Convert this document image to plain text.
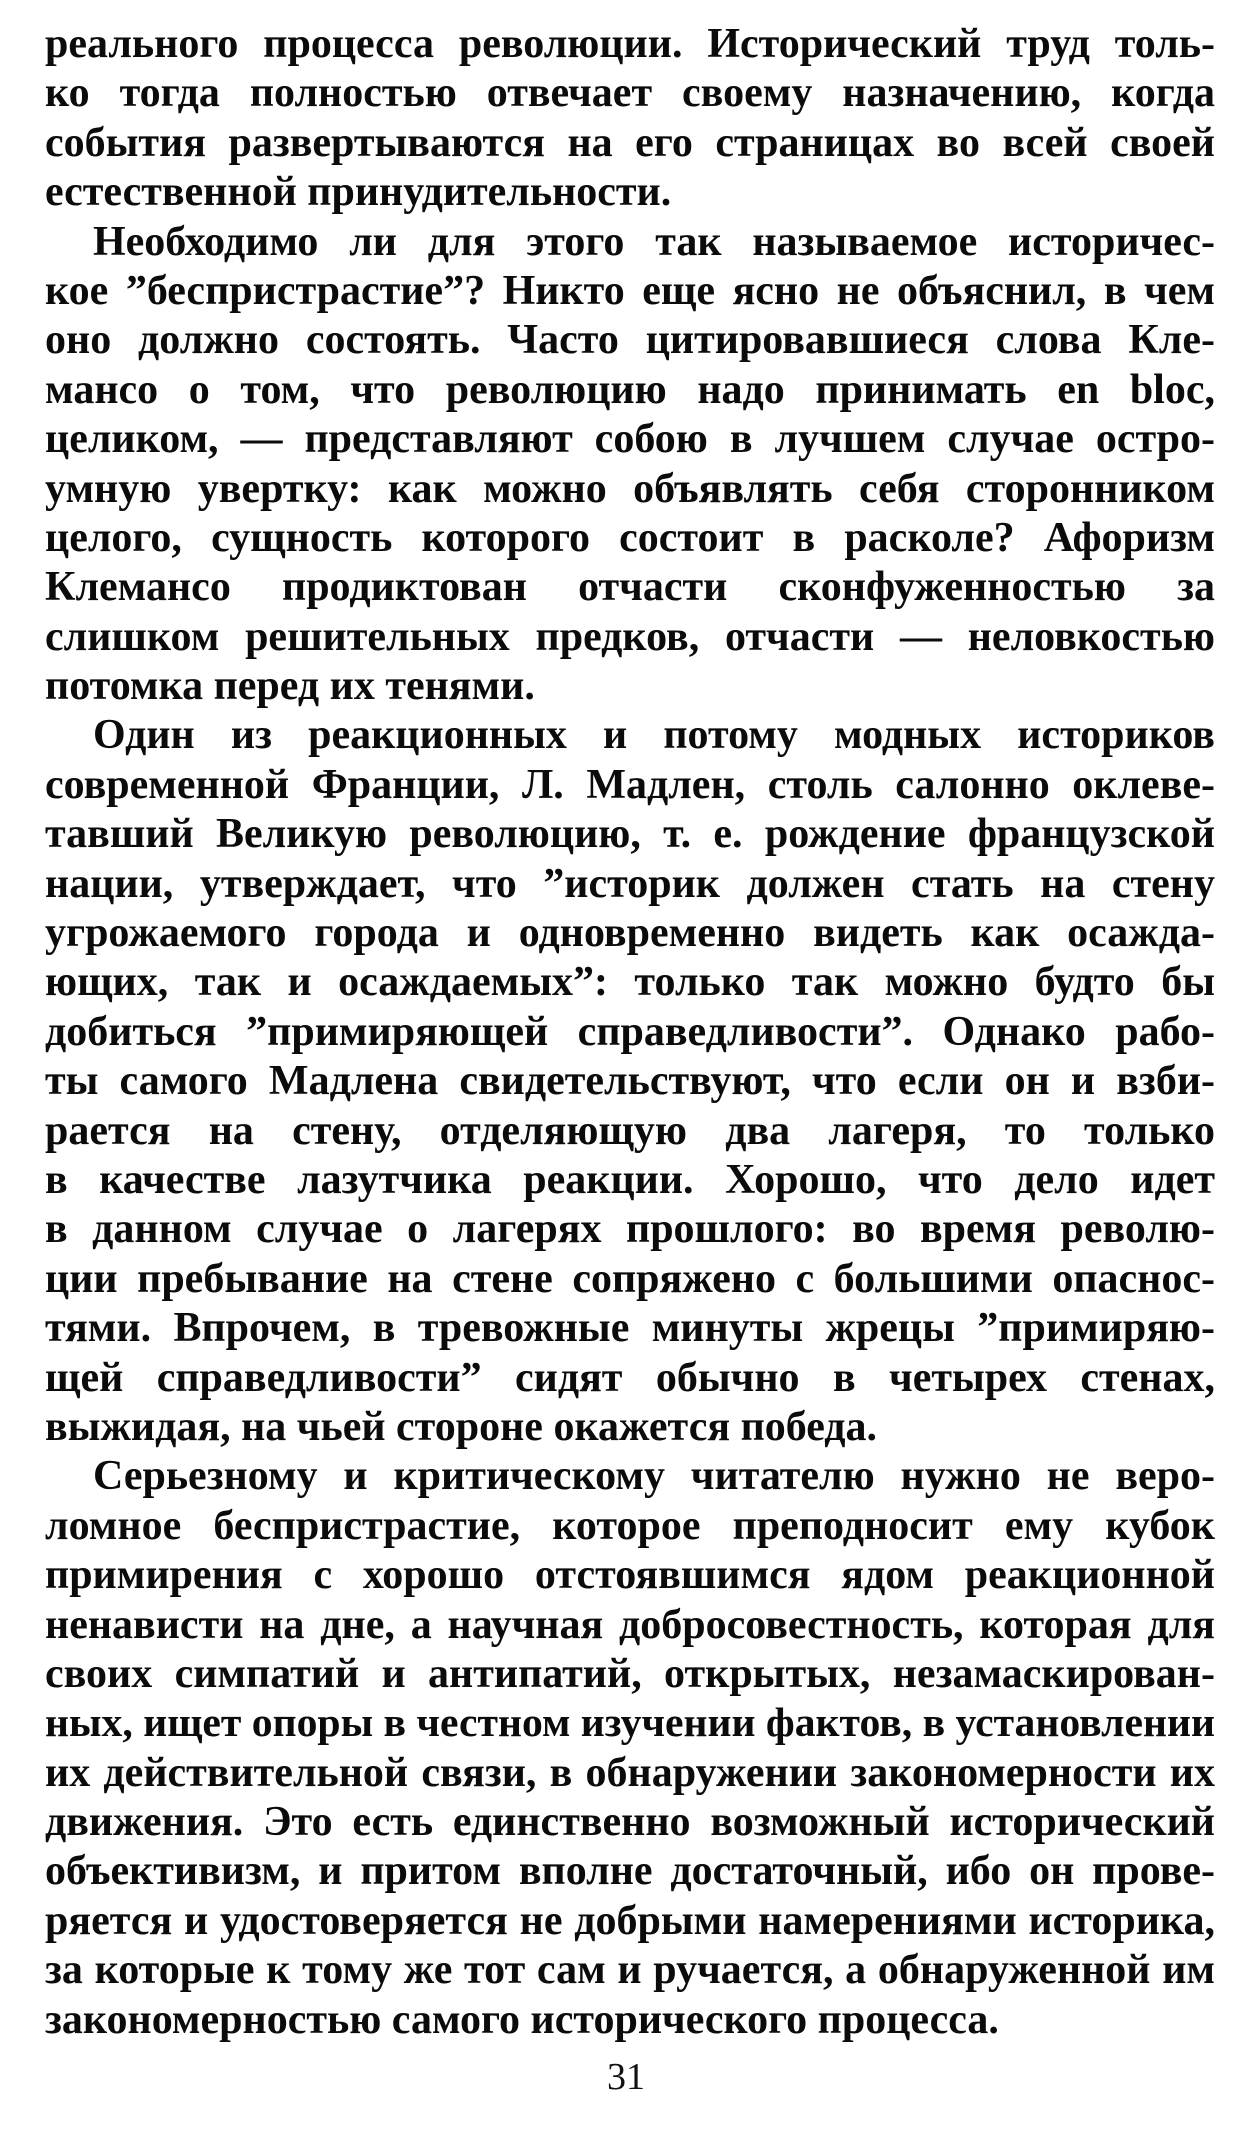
реального процесса революции. Исторический труд толь-
ко тогда полностью отвечает своему назначению, когда
события развертываются на его страницах во всей своей
естественной принудительности.
Необходимо ли для этого так называемое историчес-
кое ”беспристрастие”? Никто еще ясно не объяснил, в чем
оно должно состоять. Часто цитировавшиеся слова Кле-
мансо о том, что революцию надо принимать en bloc,
целиком, — представляют собою в лучшем случае остро-
умную увертку: как можно объявлять себя сторонником
целого, сущность которого состоит в расколе? Афоризм
Клемансо продиктован отчасти сконфуженностью за
слишком решительных предков, отчасти — неловкостью
потомка перед их тенями.
Один из реакционных и потому модных историков
современной Франции, Л. Мадлен, столь салонно оклеве-
тавший Великую революцию, т. е. рождение французской
нации, утверждает, что ”историк должен стать на стену
угрожаемого города и одновременно видеть как осажда-
ющих, так и осаждаемых”: только так можно будто бы
добиться ”примиряющей справедливости”. Однако рабо-
ты самого Мадлена свидетельствуют, что если он и взби-
рается на стену, отделяющую два лагеря, то только
в качестве лазутчика реакции. Хорошо, что дело идет
в данном случае о лагерях прошлого: во время револю-
ции пребывание на стене сопряжено с большими опаснос-
тями. Впрочем, в тревожные минуты жрецы ”примиряю-
щей справедливости” сидят обычно в четырех стенах,
выжидая, на чьей стороне окажется победа.
Серьезному и критическому читателю нужно не веро-
ломное беспристрастие, которое преподносит ему кубок
примирения с хорошо отстоявшимся ядом реакционной
ненависти на дне, а научная добросовестность, которая для
своих симпатий и антипатий, открытых, незамаскирован-
ных, ищет опоры в честном изучении фактов, в установлении
их действительной связи, в обнаружении закономерности их
движения. Это есть единственно возможный исторический
объективизм, и притом вполне достаточный, ибо он прове-
ряется и удостоверяется не добрыми намерениями историка,
за которые к тому же тот сам и ручается, а обнаруженной им
закономерностью самого исторического процесса.
31
